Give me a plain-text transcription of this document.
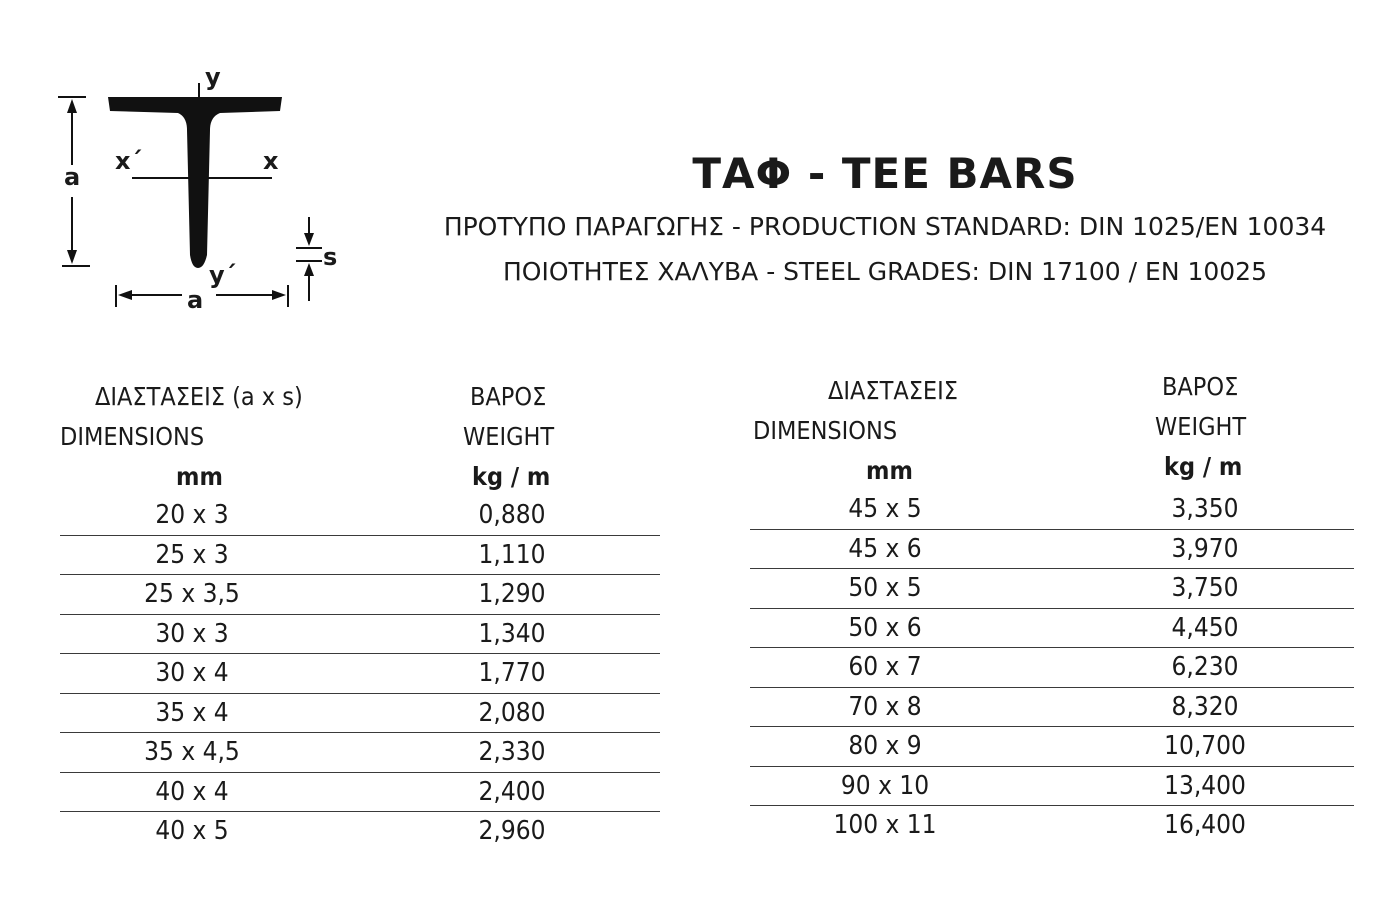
y
x
x´
y´
a
a
s
ΤΑΦ - TEE BARS

ΠΡΟΤΥΠΟ ΠΑΡΑΓΩΓΗΣ - PRODUCTION STANDARD: DIN 1025/EN 10034

ΠΟΙΟΤΗΤΕΣ ΧΑΛΥΒΑ - STEEL GRADES: DIN 17100 / EN 10025

ΔΙΑΣΤΑΣΕΙΣ (a x s)
DIMENSIONS
mm
ΒΑΡΟΣ
WEIGHT
kg / m
20 x 3	0,880
25 x 3	1,110
25 x 3,5	1,290
30 x 3	1,340
30 x 4	1,770
35 x 4	2,080
35 x 4,5	2,330
40 x 4	2,400
40 x 5	2,960
ΔΙΑΣΤΑΣΕΙΣ
DIMENSIONS
mm
ΒΑΡΟΣ
WEIGHT
kg / m
45 x 5	3,350
45 x 6	3,970
50 x 5	3,750
50 x 6	4,450
60 x 7	6,230
70 x 8	8,320
80 x 9	10,700
90 x 10	13,400
100 x 11	16,400
